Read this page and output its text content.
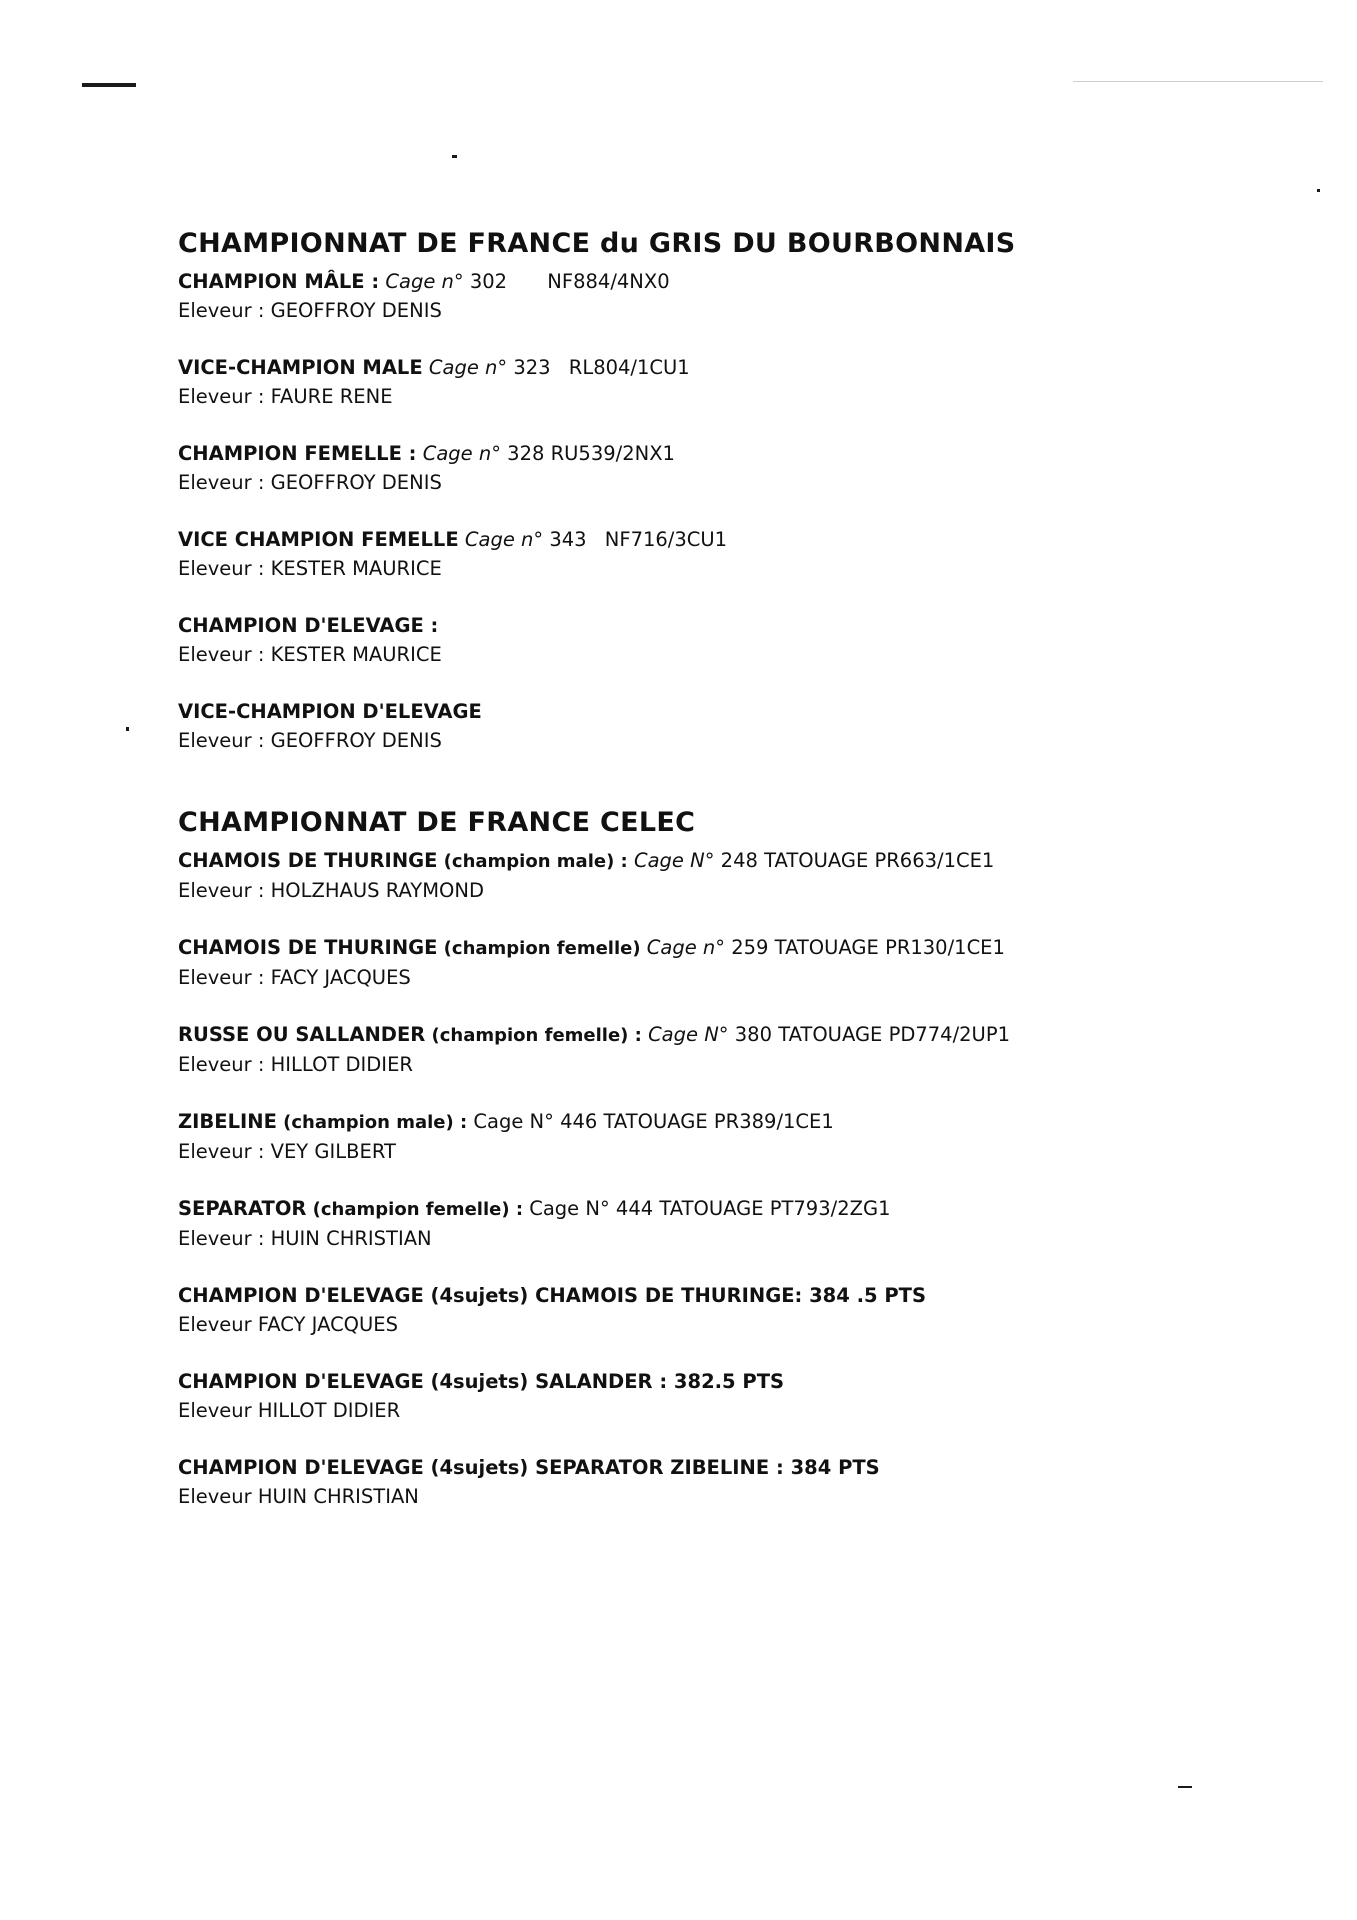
CHAMPIONNAT DE FRANCE du GRIS DU BOURBONNAIS
CHAMPION MÂLE : Cage n° 302 NF884/4NX0
Eleveur : GEOFFROY DENIS
VICE-CHAMPION MALE Cage n° 323 RL804/1CU1
Eleveur : FAURE RENE
CHAMPION FEMELLE : Cage n° 328 RU539/2NX1
Eleveur : GEOFFROY DENIS
VICE CHAMPION FEMELLE Cage n° 343 NF716/3CU1
Eleveur : KESTER MAURICE
CHAMPION D'ELEVAGE :
Eleveur : KESTER MAURICE
VICE-CHAMPION D'ELEVAGE
Eleveur : GEOFFROY DENIS
CHAMPIONNAT DE FRANCE CELEC
CHAMOIS DE THURINGE (champion male) : Cage N° 248 TATOUAGE PR663/1CE1
Eleveur : HOLZHAUS RAYMOND
CHAMOIS DE THURINGE (champion femelle) Cage n° 259 TATOUAGE PR130/1CE1
Eleveur : FACY JACQUES
RUSSE OU SALLANDER (champion femelle) : Cage N° 380 TATOUAGE PD774/2UP1
Eleveur : HILLOT DIDIER
ZIBELINE (champion male) : Cage N° 446 TATOUAGE PR389/1CE1
Eleveur : VEY GILBERT
SEPARATOR (champion femelle) : Cage N° 444 TATOUAGE PT793/2ZG1
Eleveur : HUIN CHRISTIAN
CHAMPION D'ELEVAGE (4sujets) CHAMOIS DE THURINGE: 384 .5 PTS
Eleveur FACY JACQUES
CHAMPION D'ELEVAGE (4sujets) SALANDER : 382.5 PTS
Eleveur HILLOT DIDIER
CHAMPION D'ELEVAGE (4sujets) SEPARATOR ZIBELINE : 384 PTS
Eleveur HUIN CHRISTIAN
